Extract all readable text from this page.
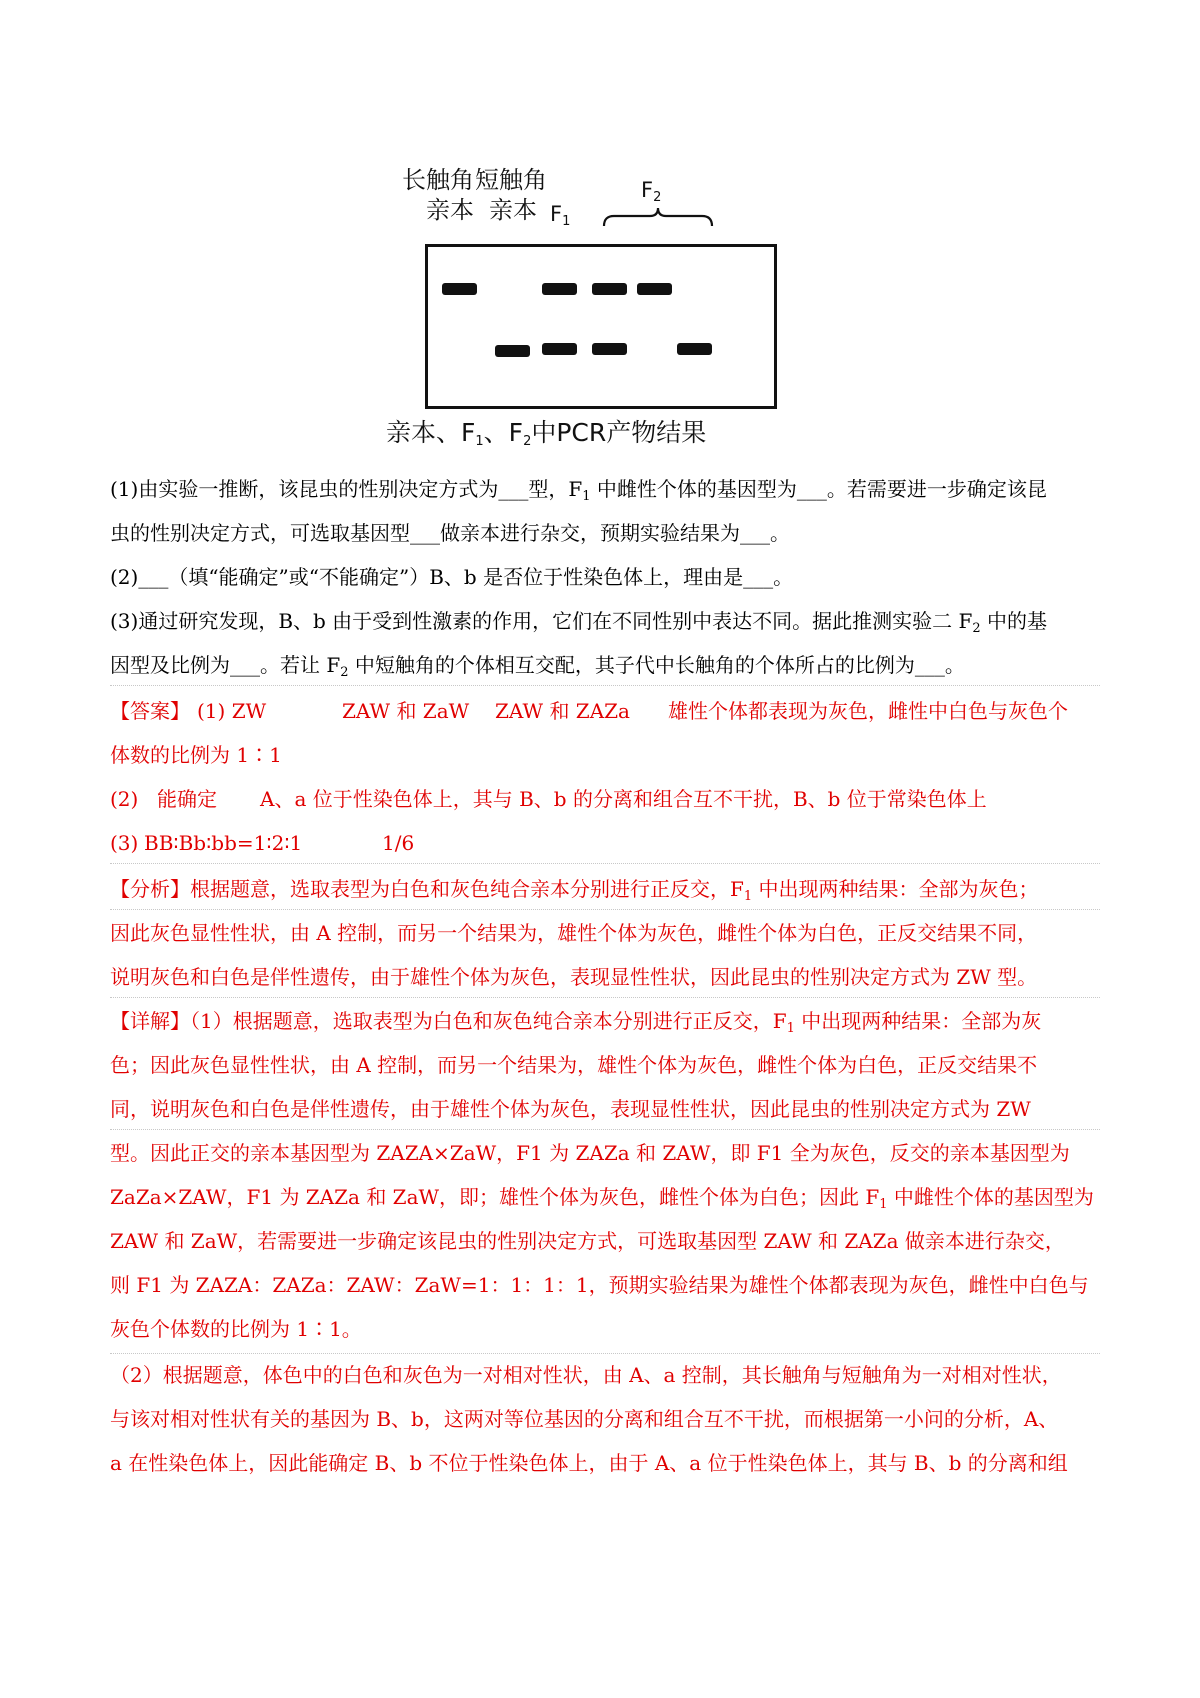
长触角 短触角
亲本 亲本 $F_1$
$F_2$
亲本、$F_1$、$F_2$中PCR产物结果
(1)由实验一推断，该昆虫的性别决定方式为___型，$F_1$ 中雌性个体的基因型为___。若需要进一步确定该昆
虫的性别决定方式，可选取基因型___做亲本进行杂交，预期实验结果为___。
(2)___（填“能确定”或“不能确定”）B、b 是否位于性染色体上，理由是___。
(3)通过研究发现，B、b 由于受到性激素的作用，它们在不同性别中表达不同。据此推测实验二 $F_2$ 中的基
因型及比例为___。若让 $F_2$ 中短触角的个体相互交配，其子代中长触角的个体所占的比例为___。
【答案】 (1) ZW	ZAW 和 ZaW ZAW 和 ZAZa 雄性个体都表现为灰色，雌性中白色与灰色个
体数的比例为 1∶1
(2) 能确定 A、a 位于性染色体上，其与 B、b 的分离和组合互不干扰，B、b 位于常染色体上
(3) BB∶Bb∶bb=1∶2∶1	1/6
【分析】根据题意，选取表型为白色和灰色纯合亲本分别进行正反交，$F_1$ 中出现两种结果：全部为灰色；
因此灰色显性性状，由 A 控制，而另一个结果为，雄性个体为灰色，雌性个体为白色，正反交结果不同，
说明灰色和白色是伴性遗传，由于雄性个体为灰色，表现显性性状，因此昆虫的性别决定方式为 ZW 型。
【详解】（1）根据题意，选取表型为白色和灰色纯合亲本分别进行正反交，$F_1$ 中出现两种结果：全部为灰
色；因此灰色显性性状，由 A 控制，而另一个结果为，雄性个体为灰色，雌性个体为白色，正反交结果不
同，说明灰色和白色是伴性遗传，由于雄性个体为灰色，表现显性性状，因此昆虫的性别决定方式为 ZW
型。因此正交的亲本基因型为 ZAZA×ZaW，F1 为 ZAZa 和 ZAW，即 F1 全为灰色，反交的亲本基因型为
ZaZa×ZAW，F1 为 ZAZa 和 ZaW，即；雄性个体为灰色，雌性个体为白色；因此 $F_1$ 中雌性个体的基因型为
ZAW 和 ZaW，若需要进一步确定该昆虫的性别决定方式，可选取基因型 ZAW 和 ZAZa 做亲本进行杂交，
则 F1 为 ZAZA：ZAZa：ZAW：ZaW=1：1：1：1，预期实验结果为雄性个体都表现为灰色，雌性中白色与
灰色个体数的比例为 1∶1。
（2）根据题意，体色中的白色和灰色为一对相对性状，由 A、a 控制，其长触角与短触角为一对相对性状，
与该对相对性状有关的基因为 B、b，这两对等位基因的分离和组合互不干扰，而根据第一小问的分析，A、
a 在性染色体上，因此能确定 B、b 不位于性染色体上，由于 A、a 位于性染色体上，其与 B、b 的分离和组
